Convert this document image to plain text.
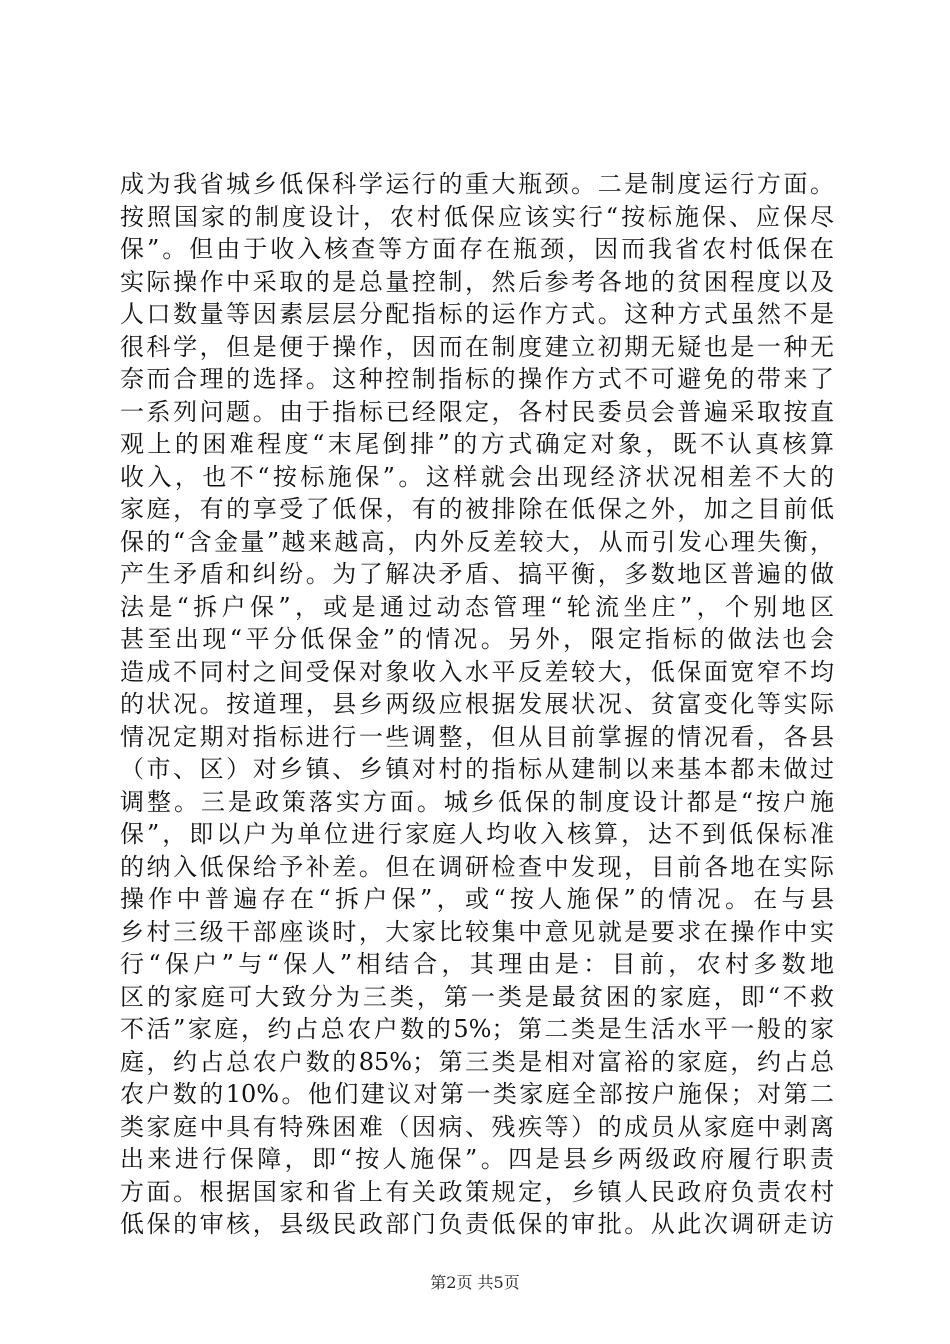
成为我省城乡低保科学运行的重大瓶颈。二是制度运行方面。
按照国家的制度设计，农村低保应该实行“按标施保、应保尽
保”。但由于收入核查等方面存在瓶颈，因而我省农村低保在
实际操作中采取的是总量控制，然后参考各地的贫困程度以及
人口数量等因素层层分配指标的运作方式。这种方式虽然不是
很科学，但是便于操作，因而在制度建立初期无疑也是一种无
奈而合理的选择。这种控制指标的操作方式不可避免的带来了
一系列问题。由于指标已经限定，各村民委员会普遍采取按直
观上的困难程度“末尾倒排”的方式确定对象，既不认真核算
收入，也不“按标施保”。这样就会出现经济状况相差不大的
家庭，有的享受了低保，有的被排除在低保之外，加之目前低
保的“含金量”越来越高，内外反差较大，从而引发心理失衡，
产生矛盾和纠纷。为了解决矛盾、搞平衡，多数地区普遍的做
法是“拆户保”，或是通过动态管理“轮流坐庄”，个别地区
甚至出现“平分低保金”的情况。另外，限定指标的做法也会
造成不同村之间受保对象收入水平反差较大，低保面宽窄不均
的状况。按道理，县乡两级应根据发展状况、贫富变化等实际
情况定期对指标进行一些调整，但从目前掌握的情况看，各县
（市、区）对乡镇、乡镇对村的指标从建制以来基本都未做过
调整。三是政策落实方面。城乡低保的制度设计都是“按户施
保”，即以户为单位进行家庭人均收入核算，达不到低保标准
的纳入低保给予补差。但在调研检查中发现，目前各地在实际
操作中普遍存在“拆户保”，或“按人施保”的情况。在与县
乡村三级干部座谈时，大家比较集中意见就是要求在操作中实
行“保户”与“保人”相结合，其理由是：目前，农村多数地
区的家庭可大致分为三类，第一类是最贫困的家庭，即“不救
不活”家庭，约占总农户数的5%；第二类是生活水平一般的家
庭，约占总农户数的85%；第三类是相对富裕的家庭，约占总
农户数的10%。他们建议对第一类家庭全部按户施保；对第二
类家庭中具有特殊困难（因病、残疾等）的成员从家庭中剥离
出来进行保障，即“按人施保”。四是县乡两级政府履行职责
方面。根据国家和省上有关政策规定，乡镇人民政府负责农村
低保的审核，县级民政部门负责低保的审批。从此次调研走访
第2页 共5页
